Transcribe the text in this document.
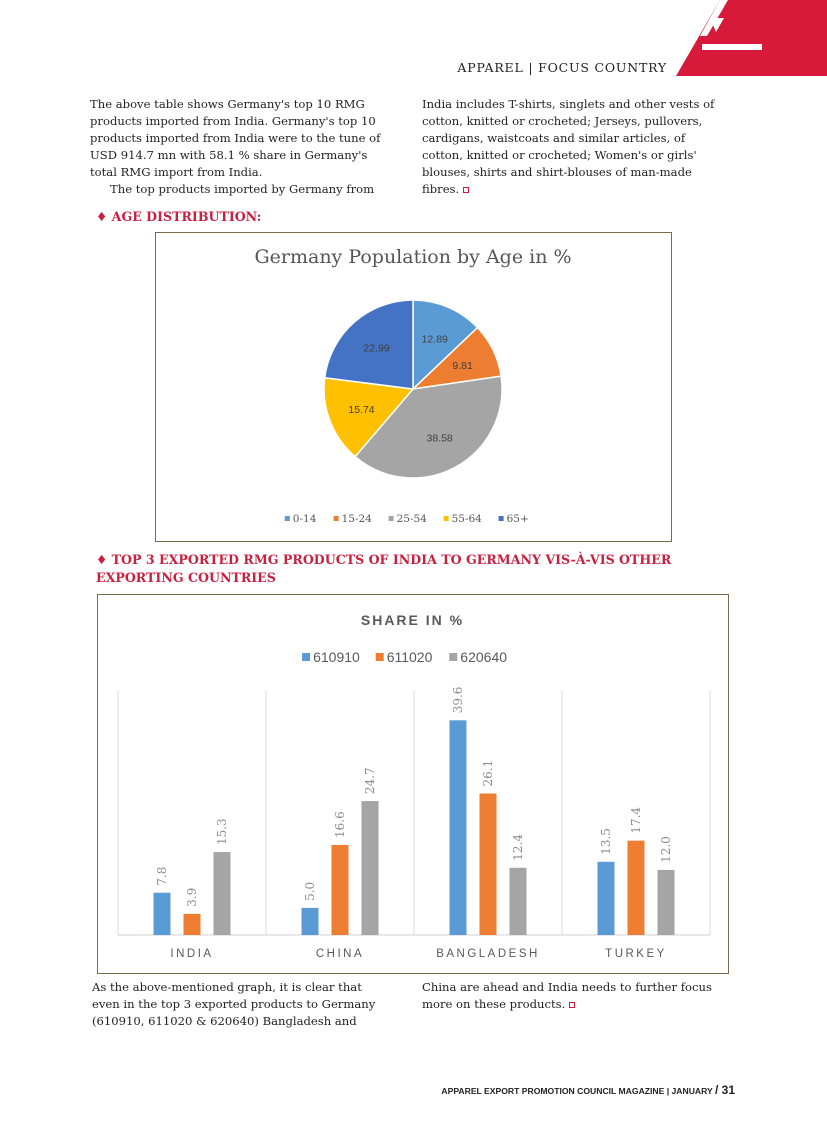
APPAREL | FOCUS COUNTRY
The above table shows Germany's top 10 RMG
products imported from India. Germany's top 10
products imported from India were to the tune of
USD 914.7 mn with 58.1 % share in Germany's
total RMG import from India.
The top products imported by Germany from
India includes T-shirts, singlets and other vests of
cotton, knitted or crocheted; Jerseys, pullovers,
cardigans, waistcoats and similar articles, of
cotton, knitted or crocheted; Women's or girls'
blouses, shirts and shirt-blouses of man-made
fibres.
♦ AGE DISTRIBUTION:
Germany Population by Age in %
12.89
9.81
38.58
15.74
22.99
0-14 15-24 25-54 55-64 65+
♦ TOP 3 EXPORTED RMG PRODUCTS OF INDIA TO GERMANY VIS-À-VIS OTHER
EXPORTING COUNTRIES
SHARE IN %
610910 611020 620640
INDIA
7.8
3.9
15.3
CHINA
5.0
16.6
24.7
BANGLADESH
39.6
26.1
12.4
TURKEY
13.5
17.4
12.0
As the above-mentioned graph, it is clear that
even in the top 3 exported products to Germany
(610910, 611020 & 620640) Bangladesh and
China are ahead and India needs to further focus
more on these products.
APPAREL EXPORT PROMOTION COUNCIL MAGAZINE | JANUARY / 31
